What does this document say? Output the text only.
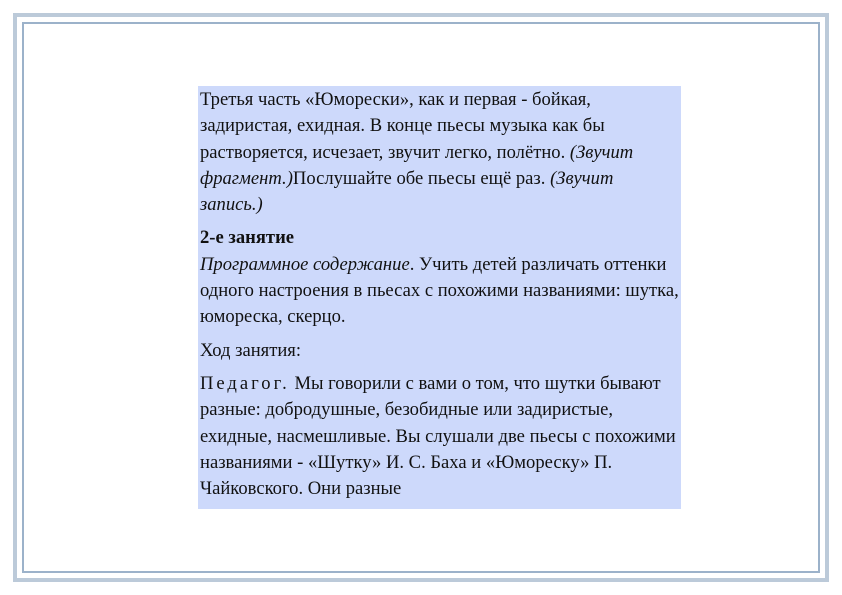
Третья часть «Юморески», как и первая - бойкая, задиристая, ехидная. В конце пьесы музыка как бы растворяется, исчезает, звучит легко, полётно. (Звучит фрагмент.)Послушайте обе пьесы ещё раз. (Звучит запись.)

2-е занятие
Программное содержание. Учить детей различать оттенки одного настроения в пьесах с похожими названиями: шутка, юмореска, скерцо.

Ход занятия:

Педагог. Мы говорили с вами о том, что шутки бывают разные: добродушные, безобидные или задиристые, ехидные, насмешливые. Вы слушали две пьесы с похожими названиями - «Шутку» И. С. Баха и «Юмореску» П. Чайковского. Они разные
